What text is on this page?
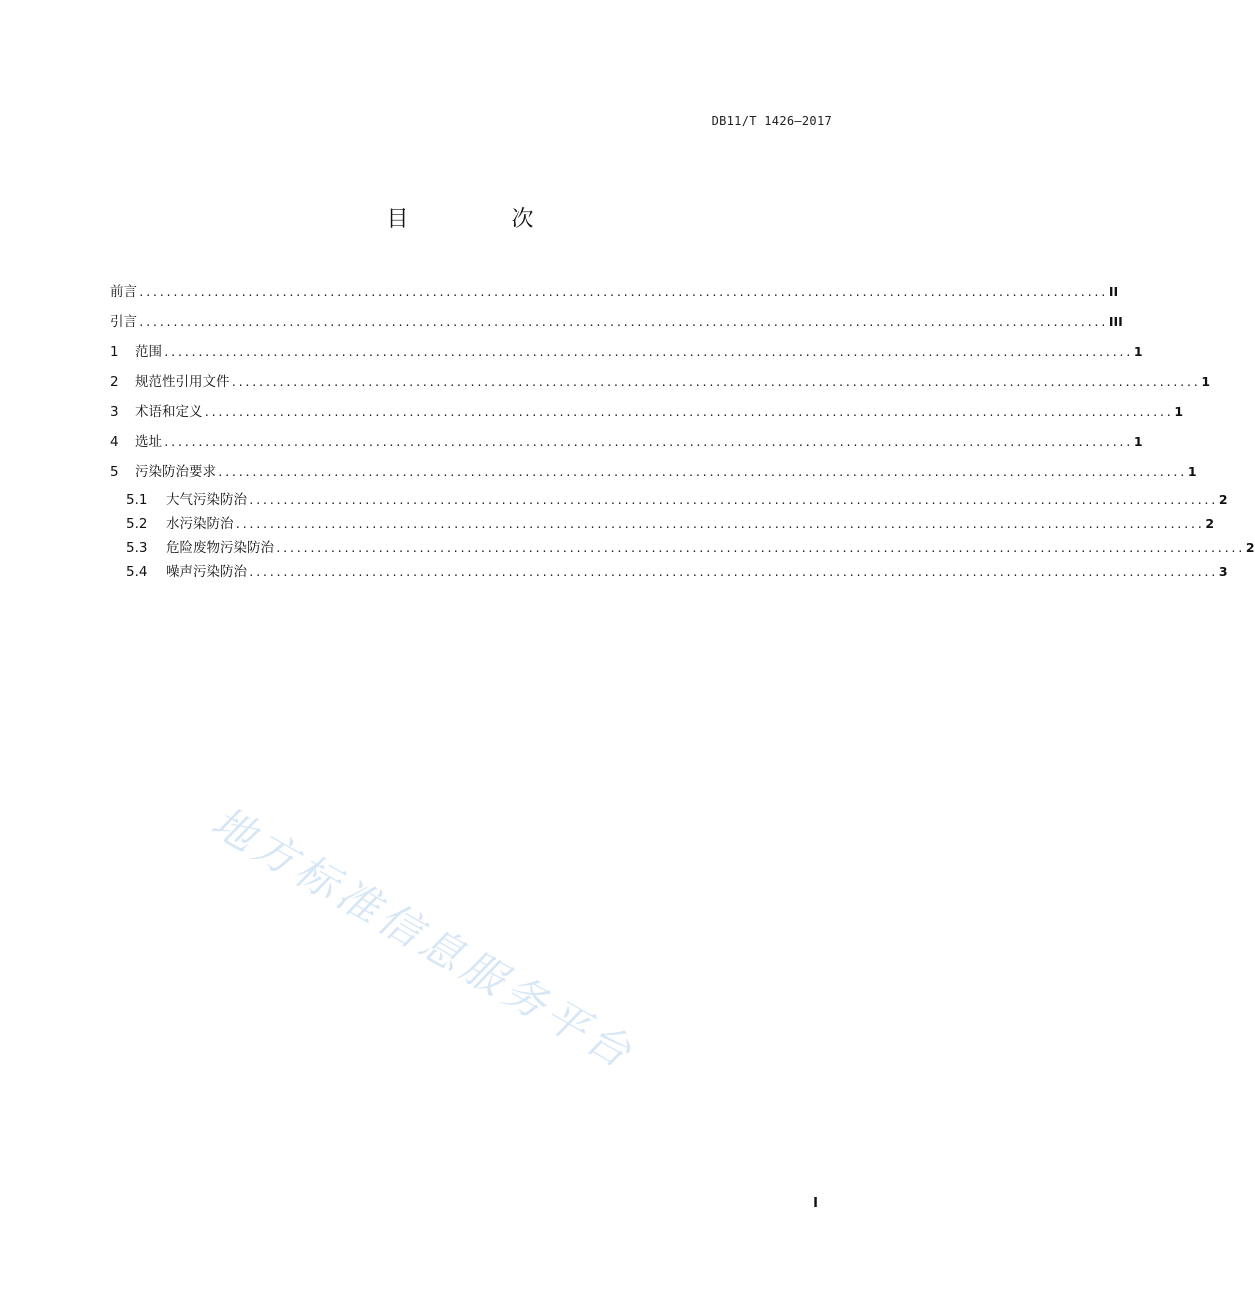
DB11/T 1426—2017
目 次
前言 .............................................................................................................................................. II
引言 .............................................................................................................................................. III
1	范围 .............................................................................................................................................. 1
2	规范性引用文件 .............................................................................................................................................. 1
3	术语和定义 .............................................................................................................................................. 1
4	选址 .............................................................................................................................................. 1
5	污染防治要求 .............................................................................................................................................. 1
5.1	大气污染防治 .............................................................................................................................................. 2
5.2	水污染防治 .............................................................................................................................................. 2
5.3	危险废物污染防治 .............................................................................................................................................. 2
5.4	噪声污染防治 .............................................................................................................................................. 3
地方标准信息服务平台
I
